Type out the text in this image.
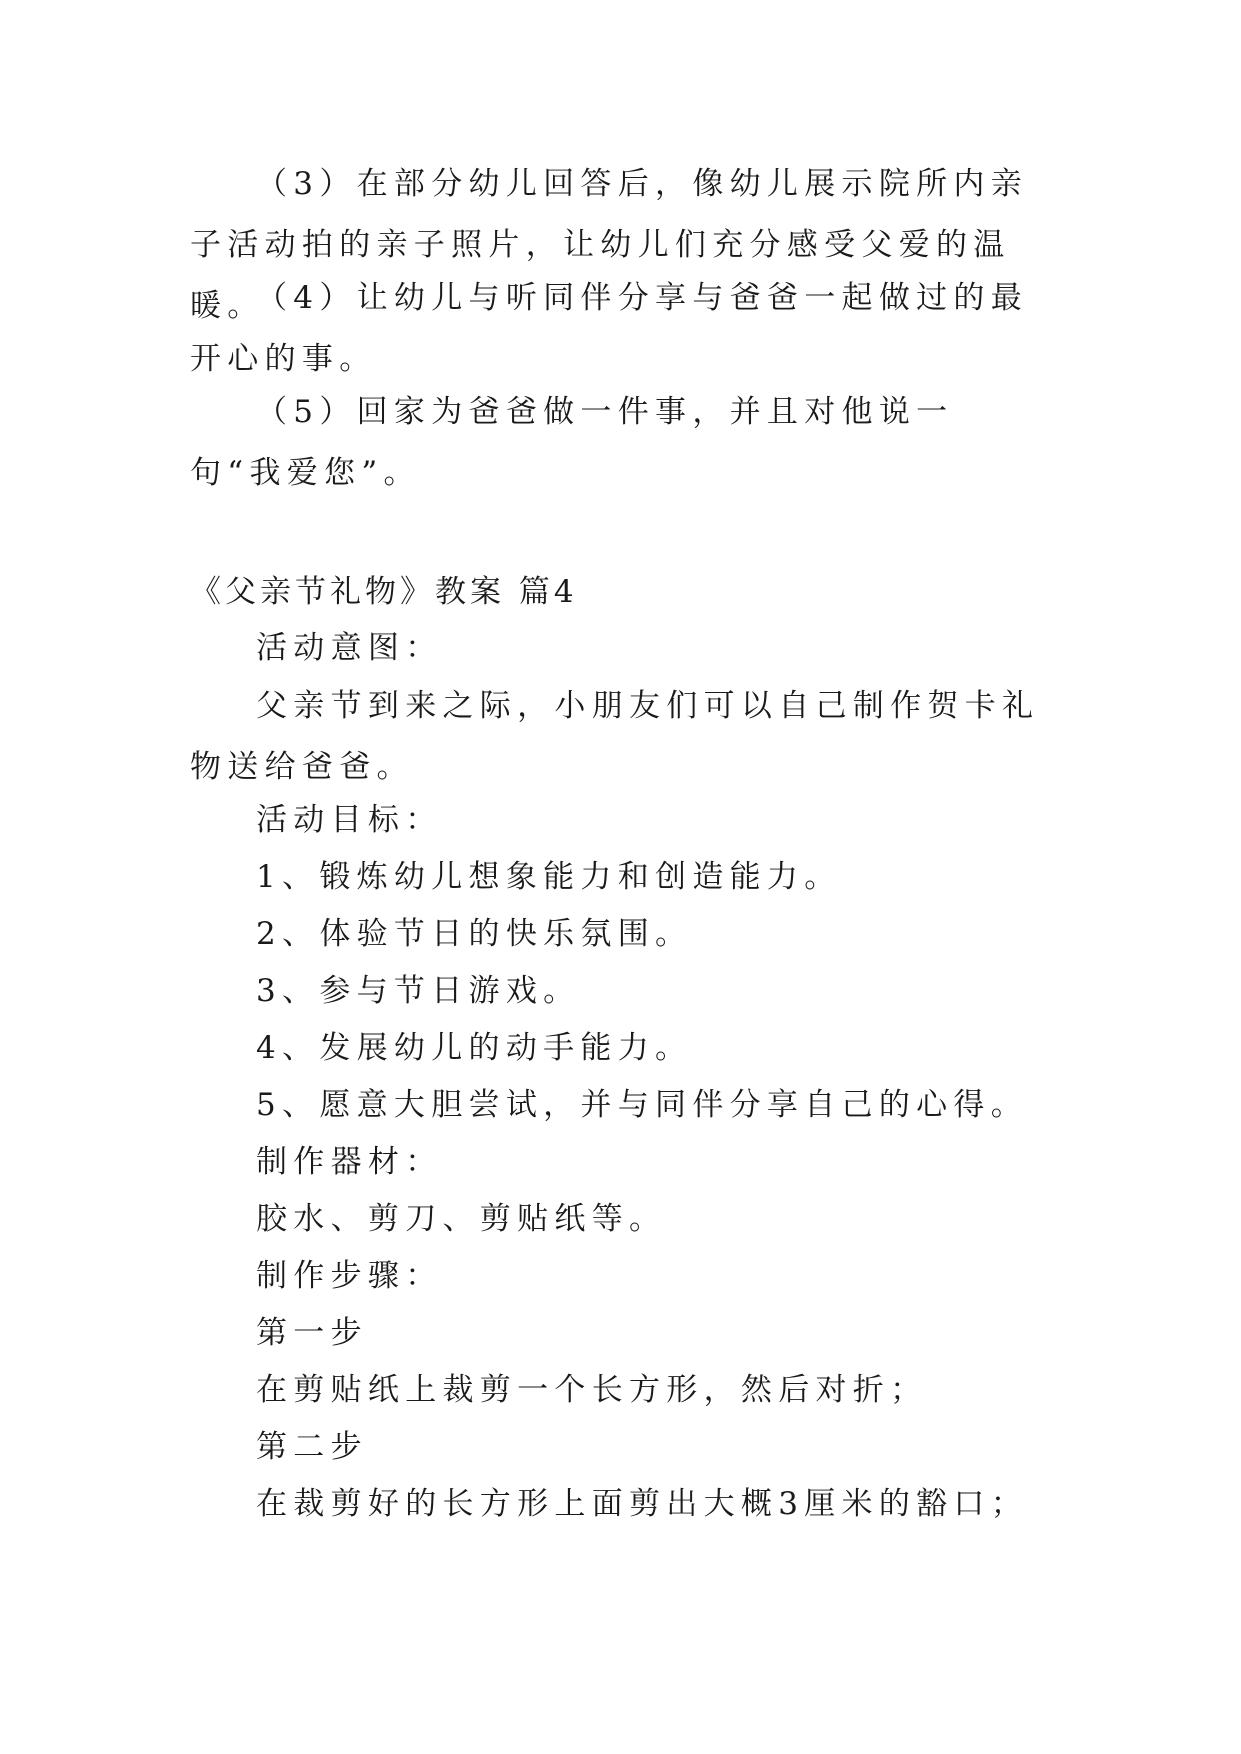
（3）在部分幼儿回答后，像幼儿展示院所内亲子活动拍的亲子照片，让幼儿们充分感受父爱的温暖。
（4）让幼儿与听同伴分享与爸爸一起做过的最开心的事。
（5）回家为爸爸做一件事，并且对他说一句“我爱您”。
《父亲节礼物》教案 篇4
活动意图：
父亲节到来之际，小朋友们可以自己制作贺卡礼物送给爸爸。
活动目标：
1、锻炼幼儿想象能力和创造能力。
2、体验节日的快乐氛围。
3、参与节日游戏。
4、发展幼儿的动手能力。
5、愿意大胆尝试，并与同伴分享自己的心得。
制作器材：
胶水、剪刀、剪贴纸等。
制作步骤：
第一步
在剪贴纸上裁剪一个长方形，然后对折；
第二步
在裁剪好的长方形上面剪出大概3厘米的豁口；
